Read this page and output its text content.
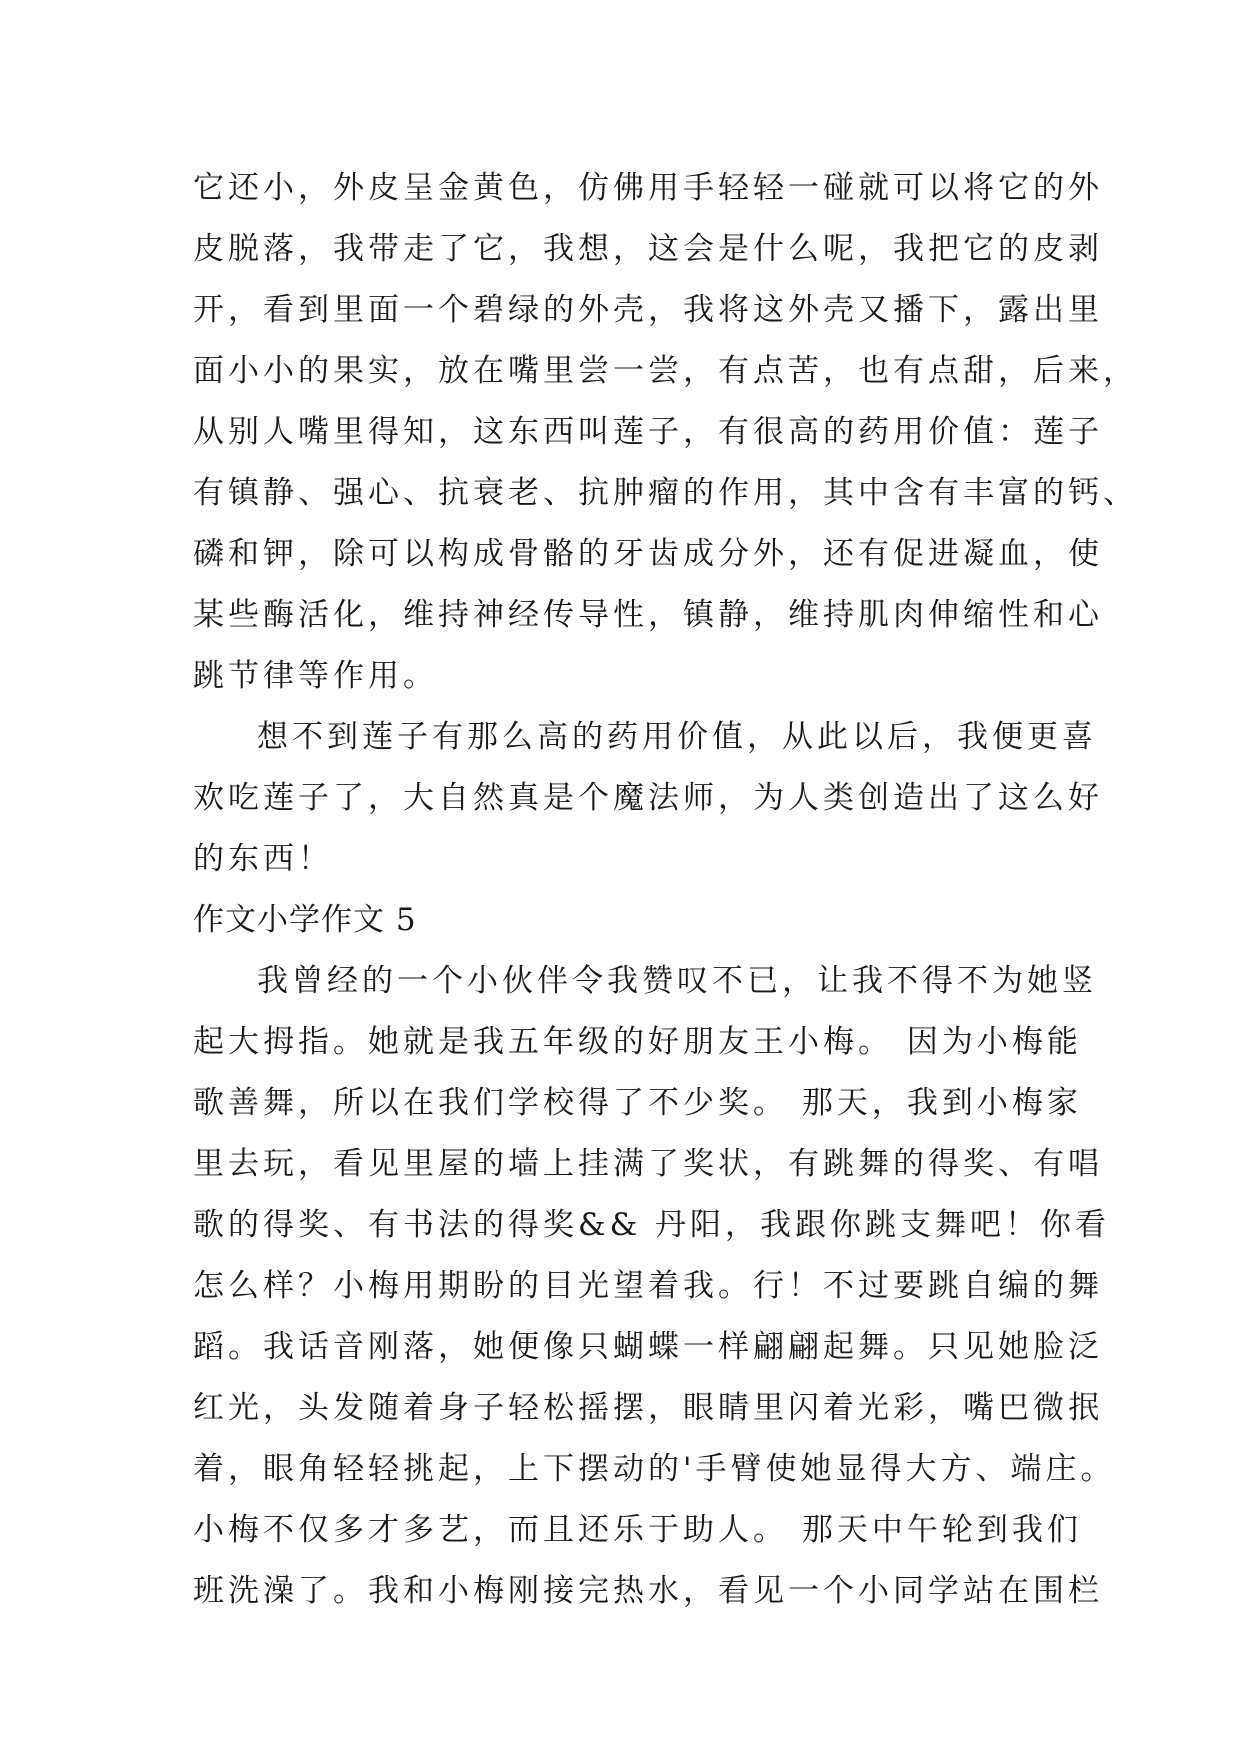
它还小，外皮呈金黄色，仿佛用手轻轻一碰就可以将它的外
皮脱落，我带走了它，我想，这会是什么呢，我把它的皮剥
开，看到里面一个碧绿的外壳，我将这外壳又播下，露出里
面小小的果实，放在嘴里尝一尝，有点苦，也有点甜，后来，
从别人嘴里得知，这东西叫莲子，有很高的药用价值：莲子
有镇静、强心、抗衰老、抗肿瘤的作用，其中含有丰富的钙、
磷和钾，除可以构成骨骼的牙齿成分外，还有促进凝血，使
某些酶活化，维持神经传导性，镇静，维持肌肉伸缩性和心
跳节律等作用。
想不到莲子有那么高的药用价值，从此以后，我便更喜
欢吃莲子了，大自然真是个魔法师，为人类创造出了这么好
的东西！
作文小学作文 5
我曾经的一个小伙伴令我赞叹不已，让我不得不为她竖
起大拇指。她就是我五年级的好朋友王小梅。 因为小梅能
歌善舞，所以在我们学校得了不少奖。 那天，我到小梅家
里去玩，看见里屋的墙上挂满了奖状，有跳舞的得奖、有唱
歌的得奖、有书法的得奖&& 丹阳，我跟你跳支舞吧！你看
怎么样？小梅用期盼的目光望着我。行！不过要跳自编的舞
蹈。我话音刚落，她便像只蝴蝶一样翩翩起舞。只见她脸泛
红光，头发随着身子轻松摇摆，眼睛里闪着光彩，嘴巴微抿
着，眼角轻轻挑起，上下摆动的'手臂使她显得大方、端庄。
小梅不仅多才多艺，而且还乐于助人。 那天中午轮到我们
班洗澡了。我和小梅刚接完热水，看见一个小同学站在围栏
